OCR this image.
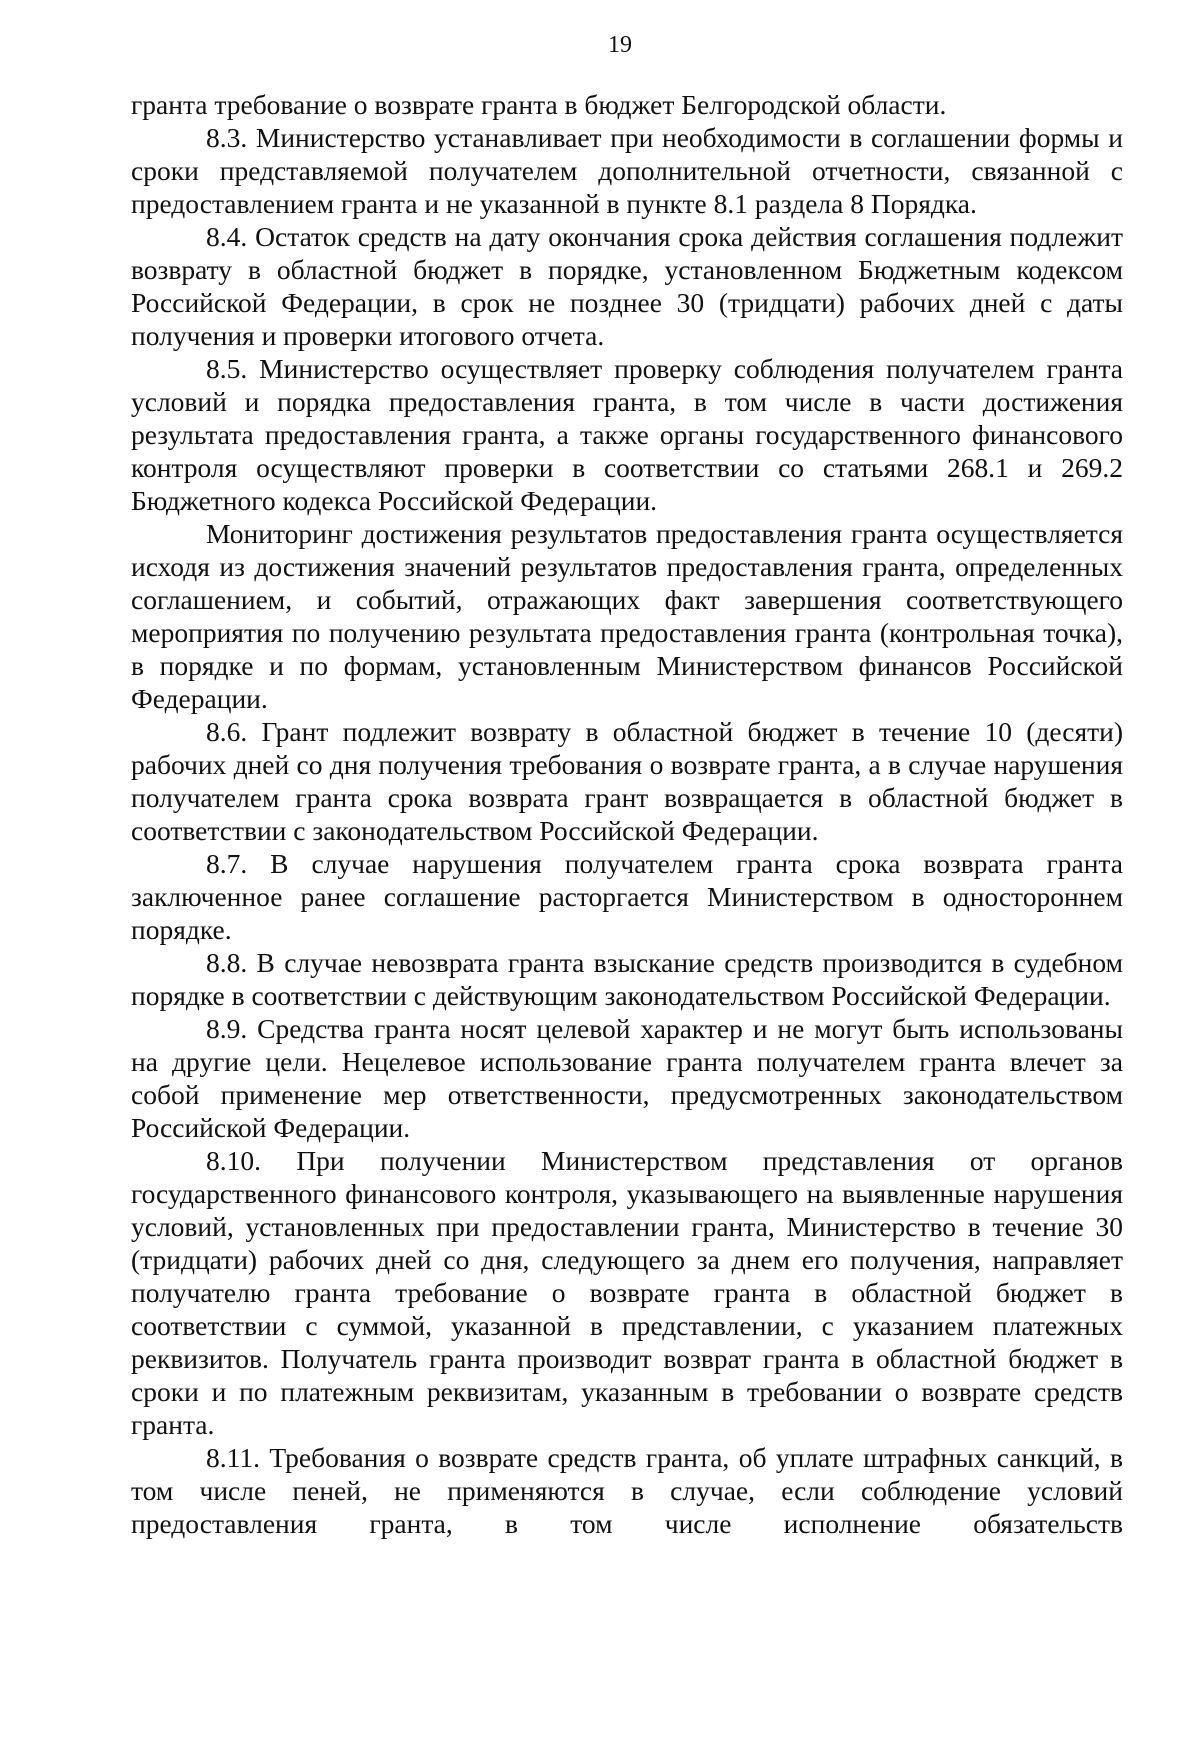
19

гранта требование о возврате гранта в бюджет Белгородской области.

8.3. Министерство устанавливает при необходимости в соглашении формы и сроки представляемой получателем дополнительной отчетности, связанной с предоставлением гранта и не указанной в пункте 8.1 раздела 8 Порядка.

8.4. Остаток средств на дату окончания срока действия соглашения подлежит возврату в областной бюджет в порядке, установленном Бюджетным кодексом Российской Федерации, в срок не позднее 30 (тридцати) рабочих дней с даты получения и проверки итогового отчета.

8.5. Министерство осуществляет проверку соблюдения получателем гранта условий и порядка предоставления гранта, в том числе в части достижения результата предоставления гранта, а также органы государственного финансового контроля осуществляют проверки в соответствии со статьями 268.1 и 269.2 Бюджетного кодекса Российской Федерации.

Мониторинг достижения результатов предоставления гранта осуществляется исходя из достижения значений результатов предоставления гранта, определенных соглашением, и событий, отражающих факт завершения соответствующего мероприятия по получению результата предоставления гранта (контрольная точка), в порядке и по формам, установленным Министерством финансов Российской Федерации.

8.6. Грант подлежит возврату в областной бюджет в течение 10 (десяти) рабочих дней со дня получения требования о возврате гранта, а в случае нарушения получателем гранта срока возврата грант возвращается в областной бюджет в соответствии с законодательством Российской Федерации.

8.7. В случае нарушения получателем гранта срока возврата гранта заключенное ранее соглашение расторгается Министерством в одностороннем порядке.

8.8. В случае невозврата гранта взыскание средств производится в судебном порядке в соответствии с действующим законодательством Российской Федерации.

8.9. Средства гранта носят целевой характер и не могут быть использованы на другие цели. Нецелевое использование гранта получателем гранта влечет за собой применение мер ответственности, предусмотренных законодательством Российской Федерации.

8.10. При получении Министерством представления от органов государственного финансового контроля, указывающего на выявленные нарушения условий, установленных при предоставлении гранта, Министерство в течение 30 (тридцати) рабочих дней со дня, следующего за днем его получения, направляет получателю гранта требование о возврате гранта в областной бюджет в соответствии с суммой, указанной в представлении, с указанием платежных реквизитов. Получатель гранта производит возврат гранта в областной бюджет в сроки и по платежным реквизитам, указанным в требовании о возврате средств гранта.

8.11. Требования о возврате средств гранта, об уплате штрафных санкций, в том числе пеней, не применяются в случае, если соблюдение условий предоставления гранта, в том числе исполнение обязательств
